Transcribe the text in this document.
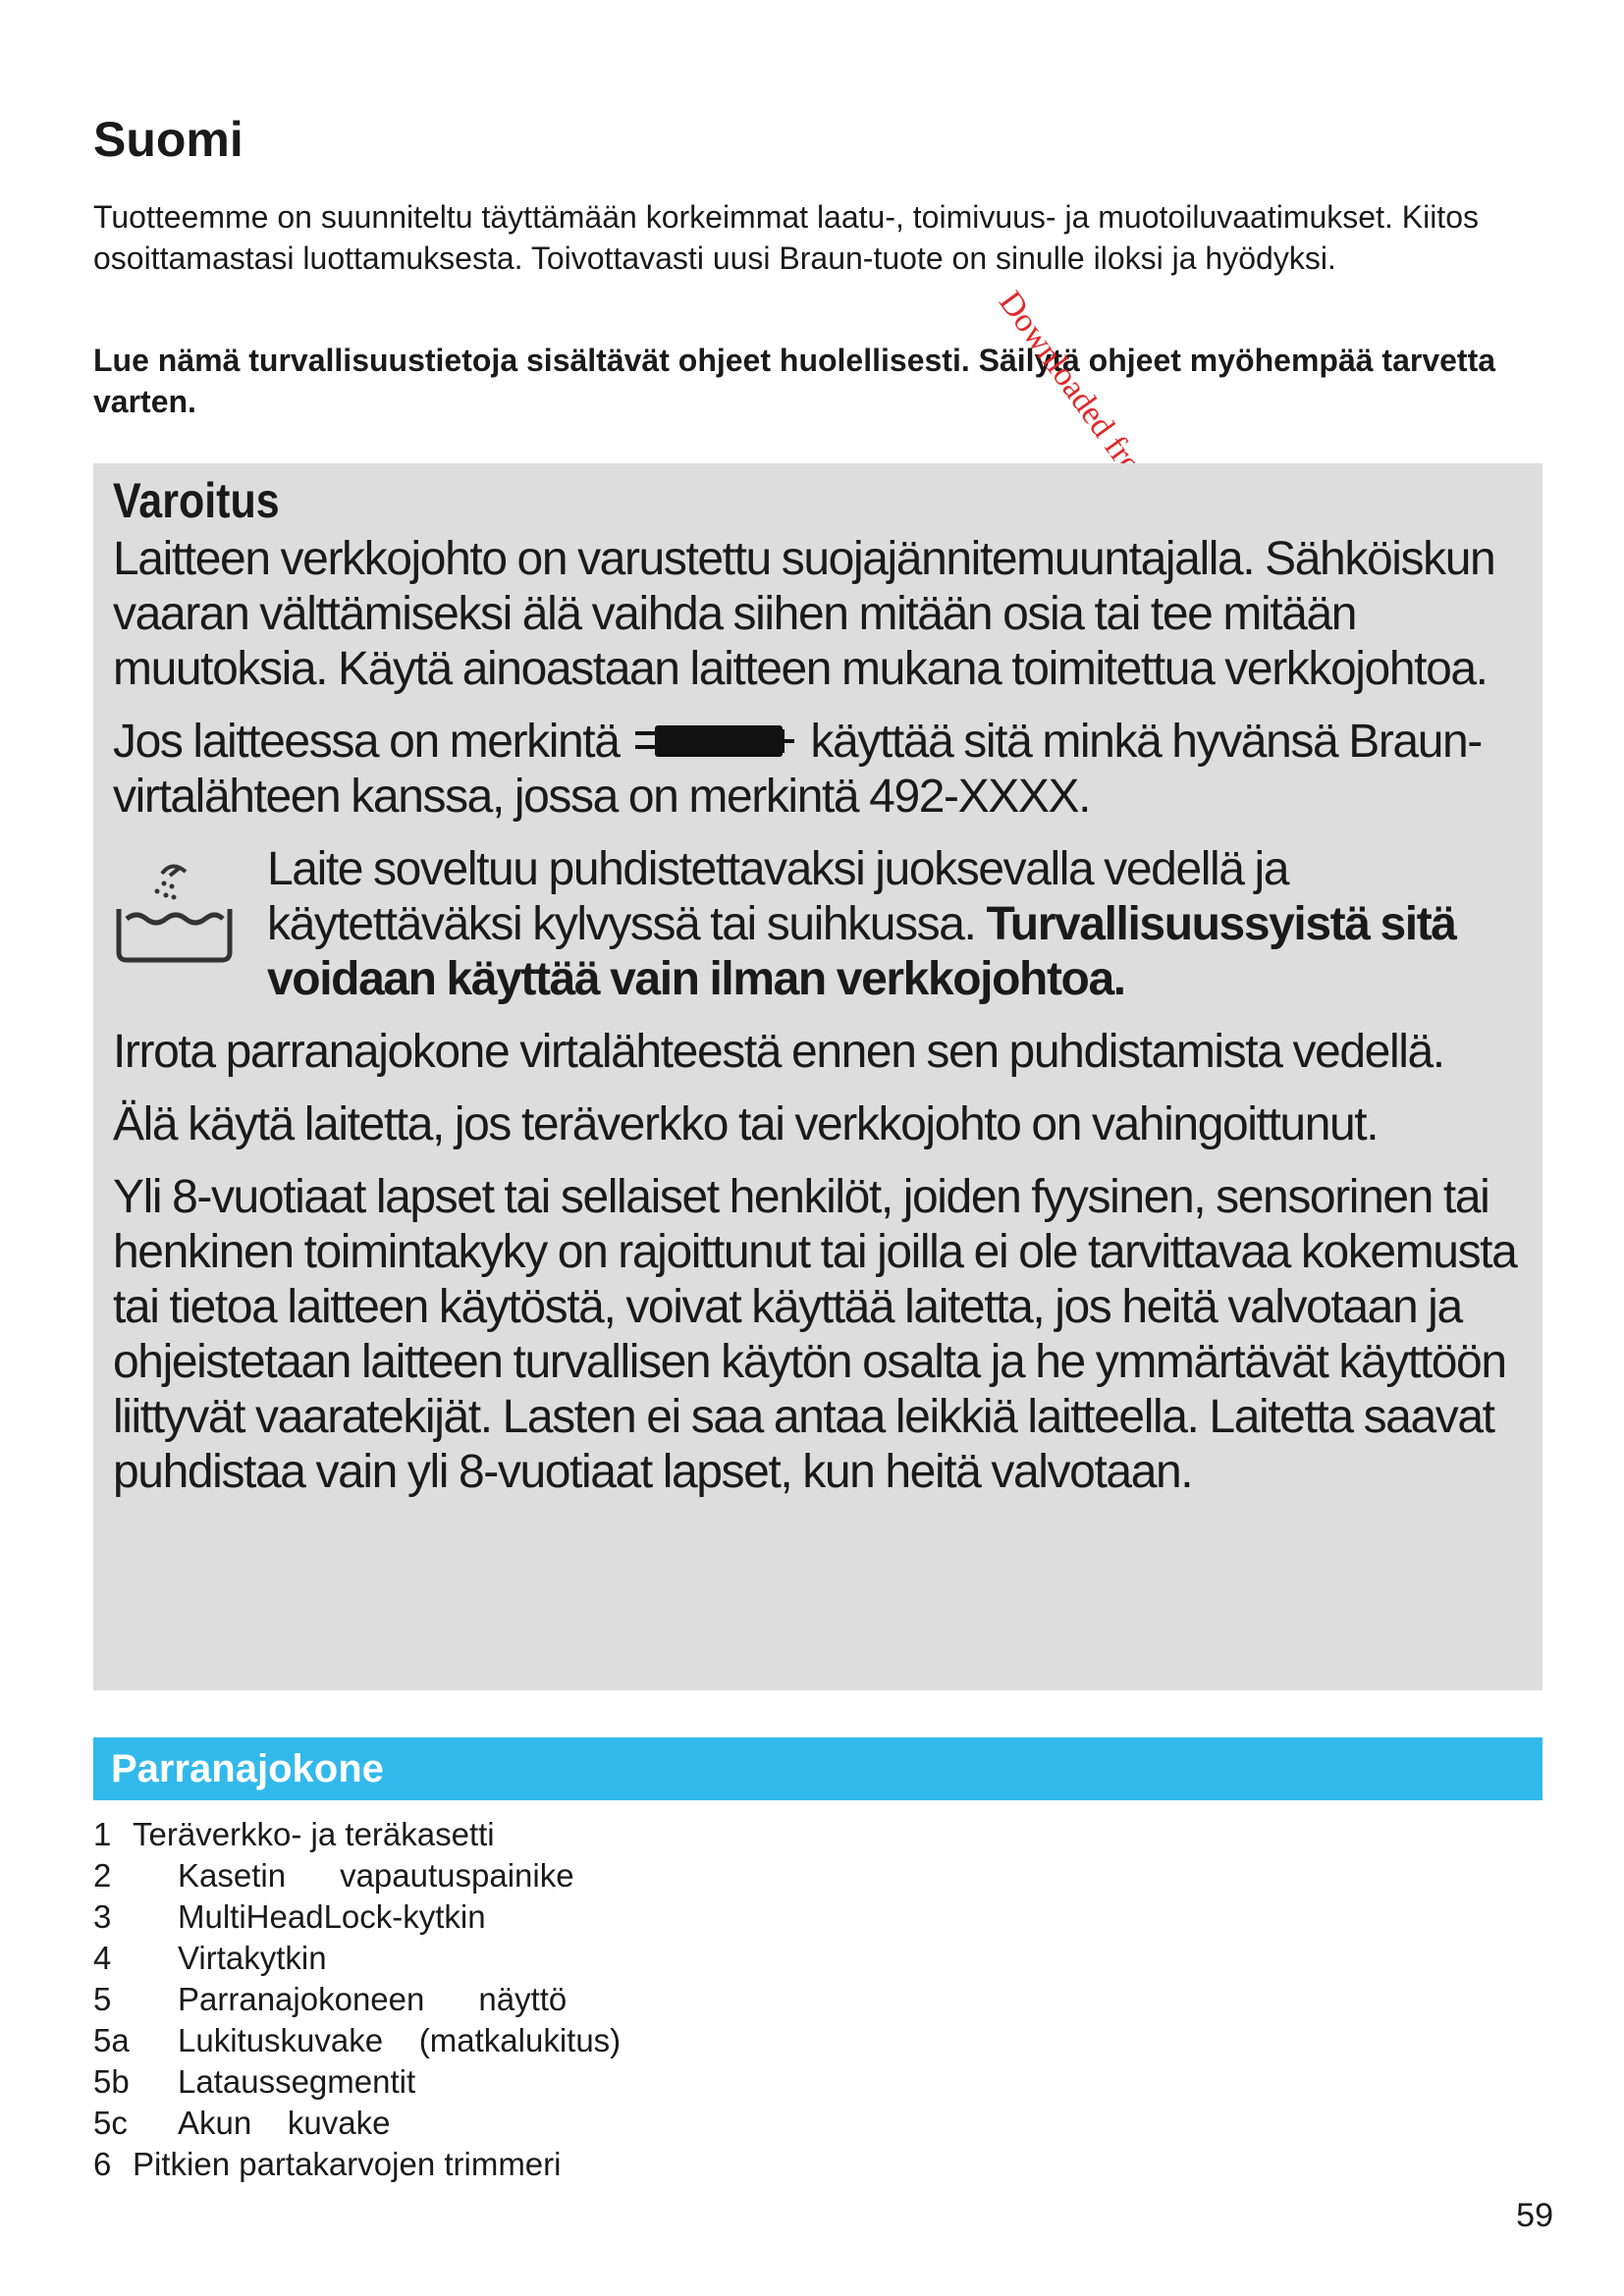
Suomi

Tuotteemme on suunniteltu täyttämään korkeimmat laatu-, toimivuus- ja muotoiluvaatimukset. Kiitos osoittamastasi luottamuksesta. Toivottavasti uusi Braun-tuote on sinulle iloksi ja hyödyksi.

Lue nämä turvallisuustietoja sisältävät ohjeet huolellisesti. Säilytä ohjeet myöhempää tarvetta varten.

Varoitus

Laitteen verkkojohto on varustettu suojajännitemuuntajalla. Sähköiskun vaaran välttämiseksi älä vaihda siihen mitään osia tai tee mitään muutoksia. Käytä ainoastaan laitteen mukana toimitettua verkkojohtoa.

Jos laitteessa on merkintä	käyttää sitä minkä hyvänsä Braun-virtalähteen kanssa, jossa on merkintä 492-XXXX.

Laite soveltuu puhdistettavaksi juoksevalla vedellä ja käytettäväksi kylvyssä tai suihkussa. Turvallisuussyistä sitä voidaan käyttää vain ilman verkkojohtoa.

Irrota parranajokone virtalähteestä ennen sen puhdistamista vedellä.

Älä käytä laitetta, jos teräverkko tai verkkojohto on vahingoittunut.

Yli 8-vuotiaat lapset tai sellaiset henkilöt, joiden fyysinen, sensorinen tai henkinen toimintakyky on rajoittunut tai joilla ei ole tarvittavaa kokemusta tai tietoa laitteen käytöstä, voivat käyttää laitetta, jos heitä valvotaan ja ohjeistetaan laitteen turvallisen käytön osalta ja he ymmärtävät käyttöön liittyvät vaaratekijät. Lasten ei saa antaa leikkiä laitteella. Laitetta saavat puhdistaa vain yli 8-vuotiaat lapset, kun heitä valvotaan.

Parranajokone
1 Teräverkko- ja teräkasetti
2 Kasetin      vapautuspainike
3 MultiHeadLock-kytkin
4 Virtakytkin
5 Parranajokoneen      näyttö
5a Lukituskuvake    (matkalukitus)
5b Lataussegmentit
5c Akun    kuvake
6 Pitkien partakarvojen trimmeri

59
